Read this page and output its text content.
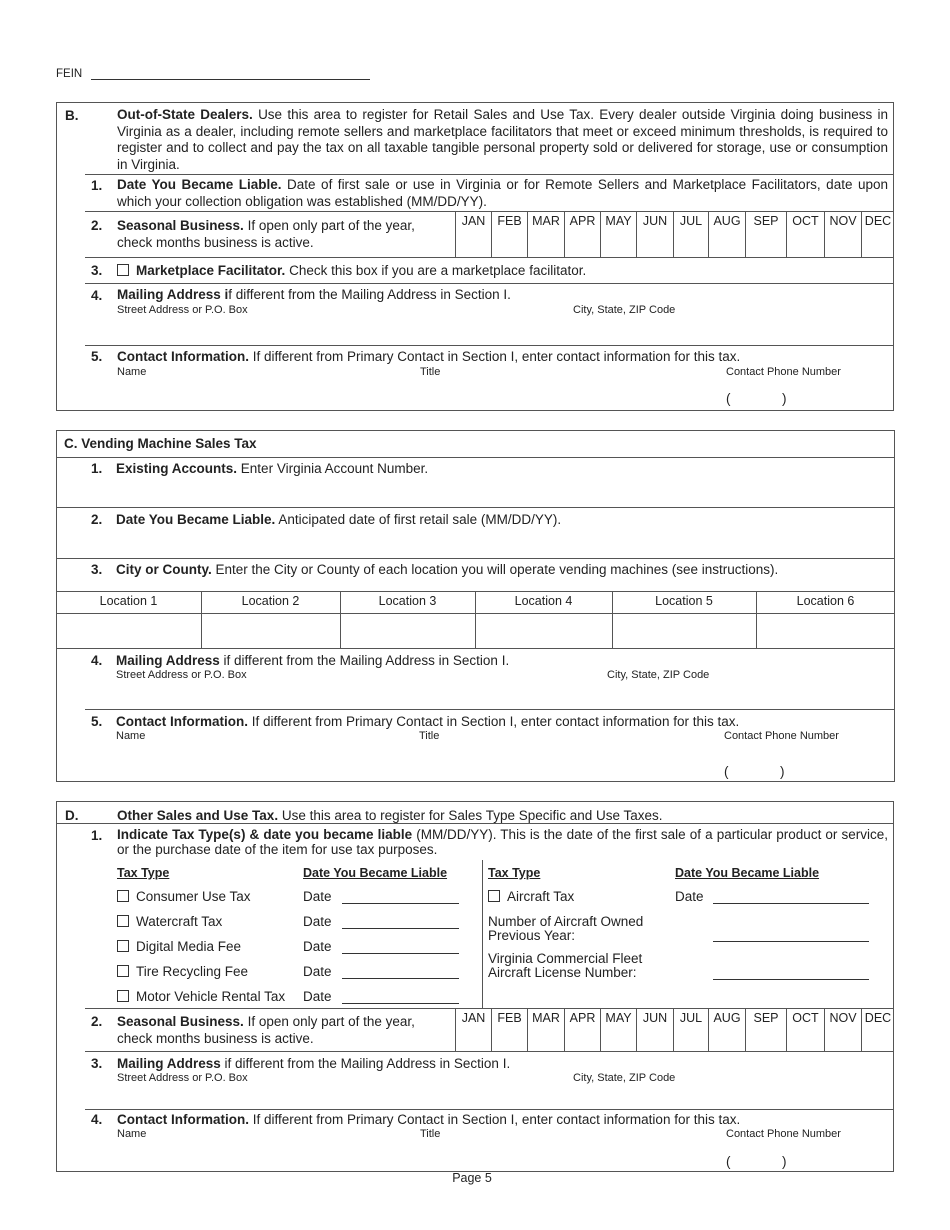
FEIN
B.	Out-of-State Dealers. Use this area to register for Retail Sales and Use Tax. Every dealer outside Virginia doing business in Virginia as a dealer, including remote sellers and marketplace facilitators that meet or exceed minimum thresholds, is required to register and to collect and pay the tax on all taxable tangible personal property sold or delivered for storage, use or consumption in Virginia.
1. Date You Became Liable. Date of first sale or use in Virginia or for Remote Sellers and Marketplace Facilitators, date upon which your collection obligation was established (MM/DD/YY).
2. Seasonal Business. If open only part of the year,
check months business is active.
JAN FEB MAR APR MAY JUN	JUL AUG	SEP	OCT NOV DEC
3.	Marketplace Facilitator. Check this box if you are a marketplace facilitator.
4. Mailing Address if different from the Mailing Address in Section I.
Street Address or P.O. Box	City, State, ZIP Code
5. Contact Information. If different from Primary Contact in Section I, enter contact information for this tax.
Name	Title	Contact Phone Number
(	)
C. Vending Machine Sales Tax
1. Existing Accounts. Enter Virginia Account Number.
2. Date You Became Liable. Anticipated date of first retail sale (MM/DD/YY).
3. City or County. Enter the City or County of each location you will operate vending machines (see instructions).
Location 1	Location 2	Location 3	Location 4	Location 5	Location 6
4. Mailing Address if different from the Mailing Address in Section I.
Street Address or P.O. Box	City, State, ZIP Code
5. Contact Information. If different from Primary Contact in Section I, enter contact information for this tax.
Name	Title	Contact Phone Number
(	)
D.	Other Sales and Use Tax. Use this area to register for Sales Type Specific and Use Taxes.
1. Indicate Tax Type(s) & date you became liable (MM/DD/YY). This is the date of the first sale of a particular product or service, or the purchase date of the item for use tax purposes.
Tax Type	Date You Became Liable	Tax Type	Date You Became Liable
Consumer Use Tax	Date
Watercraft Tax	Date
Digital Media Fee	Date
Tire Recycling Fee	Date
Motor Vehicle Rental Tax Date
Aircraft Tax	Date
Number of Aircraft Owned
Previous Year:
Virginia Commercial Fleet
Aircraft License Number:
2. Seasonal Business. If open only part of the year,
check months business is active.
JAN FEB MAR APR MAY JUN	JUL AUG	SEP	OCT NOV DEC
3. Mailing Address if different from the Mailing Address in Section I.
Street Address or P.O. Box	City, State, ZIP Code
4. Contact Information. If different from Primary Contact in Section I, enter contact information for this tax.
Name	Title	Contact Phone Number
(	)
Page 5
